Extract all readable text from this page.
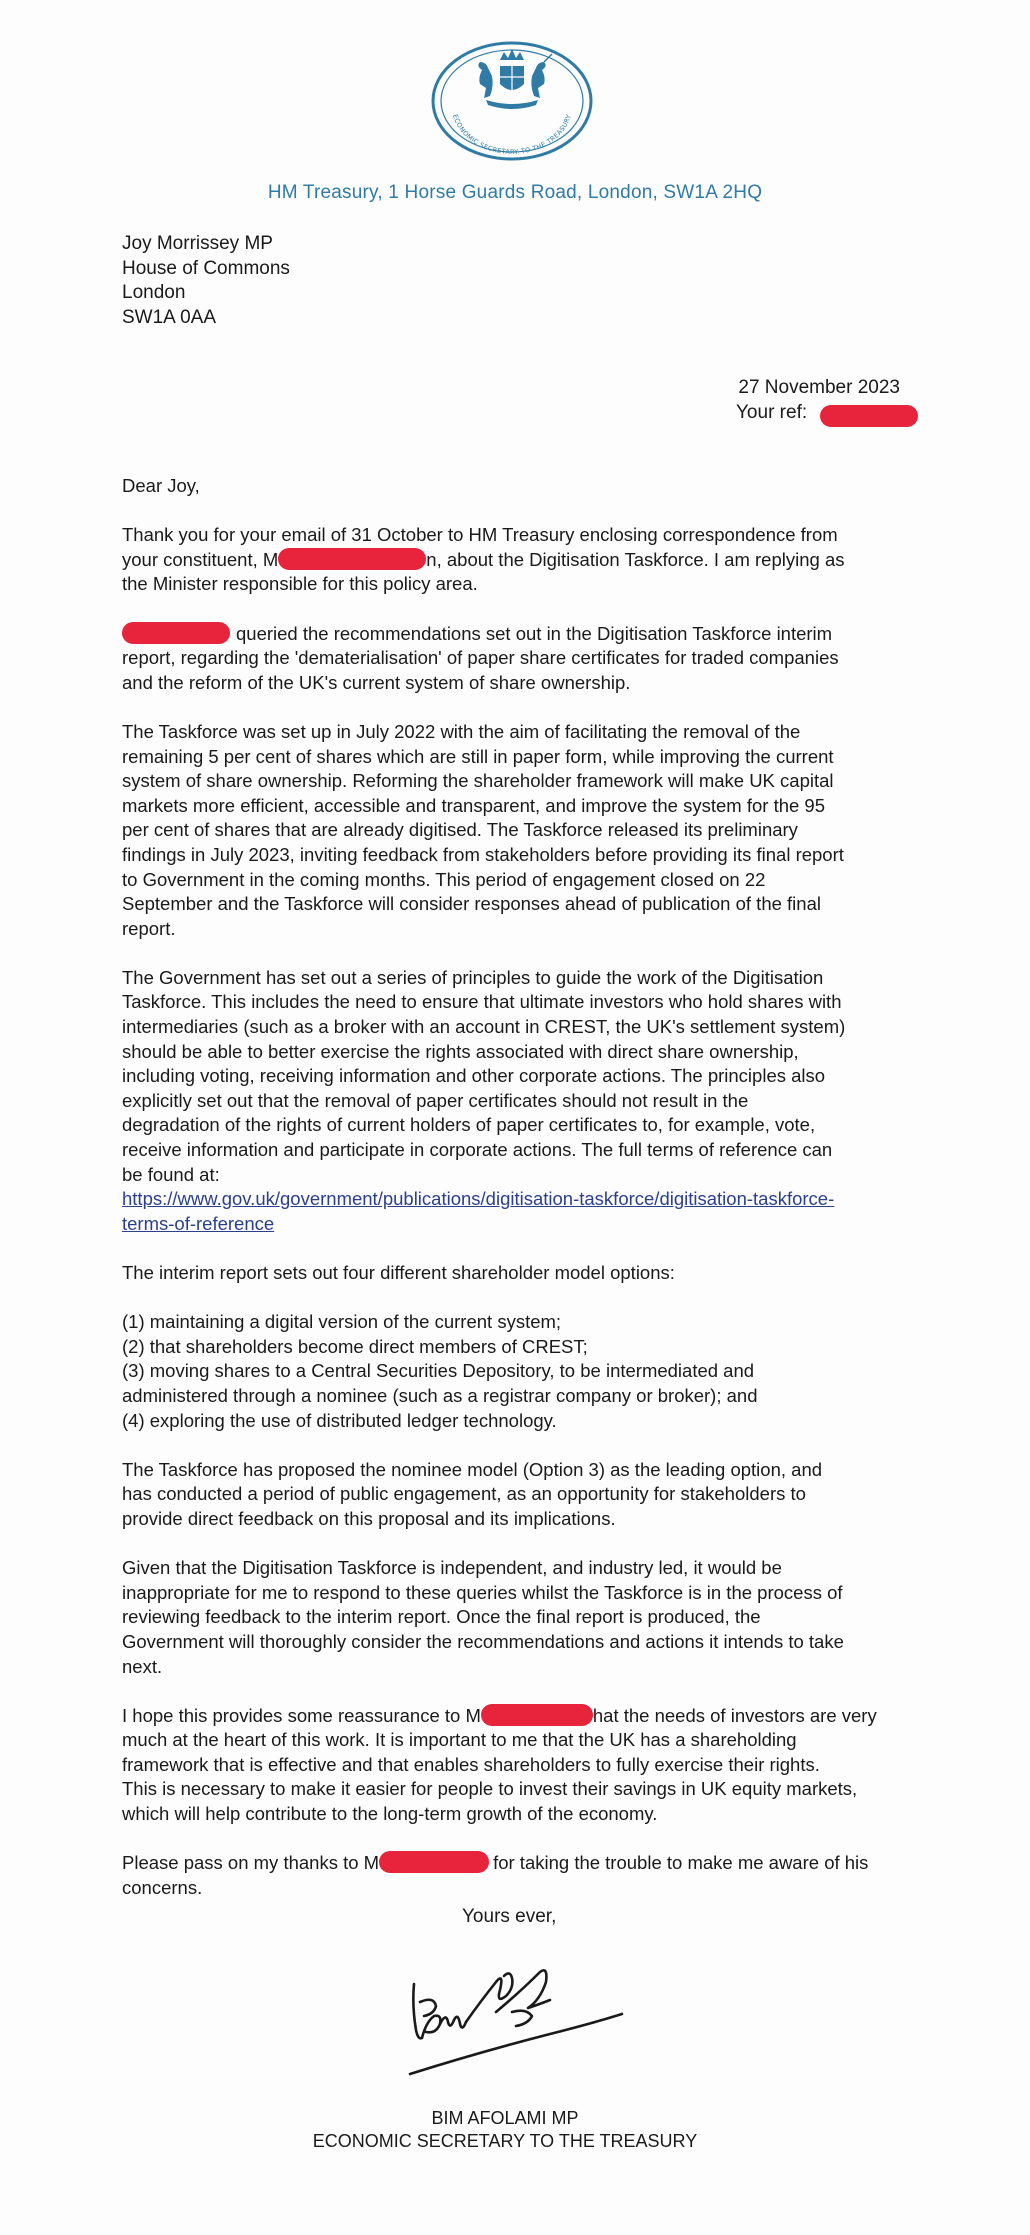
ECONOMIC SECRETARY TO THE TREASURY
HM Treasury, 1 Horse Guards Road, London, SW1A 2HQ
Joy Morrissey MP
House of Commons
London
SW1A 0AA
27 November 2023
Your ref:

Dear Joy,

Thank you for your email of 31 October to HM Treasury enclosing correspondence from
your constituent, M	n, about the Digitisation Taskforce. I am replying as
the Minister responsible for this policy area.

queried the recommendations set out in the Digitisation Taskforce interim
report, regarding the 'dematerialisation' of paper share certificates for traded companies
and the reform of the UK's current system of share ownership.

The Taskforce was set up in July 2022 with the aim of facilitating the removal of the
remaining 5 per cent of shares which are still in paper form, while improving the current
system of share ownership. Reforming the shareholder framework will make UK capital
markets more efficient, accessible and transparent, and improve the system for the 95
per cent of shares that are already digitised. The Taskforce released its preliminary
findings in July 2023, inviting feedback from stakeholders before providing its final report
to Government in the coming months. This period of engagement closed on 22
September and the Taskforce will consider responses ahead of publication of the final
report.

The Government has set out a series of principles to guide the work of the Digitisation
Taskforce. This includes the need to ensure that ultimate investors who hold shares with
intermediaries (such as a broker with an account in CREST, the UK's settlement system)
should be able to better exercise the rights associated with direct share ownership,
including voting, receiving information and other corporate actions. The principles also
explicitly set out that the removal of paper certificates should not result in the
degradation of the rights of current holders of paper certificates to, for example, vote,
receive information and participate in corporate actions. The full terms of reference can
be found at:
https://www.gov.uk/government/publications/digitisation-taskforce/digitisation-taskforce-
terms-of-reference

The interim report sets out four different shareholder model options:

(1) maintaining a digital version of the current system;
(2) that shareholders become direct members of CREST;
(3) moving shares to a Central Securities Depository, to be intermediated and
administered through a nominee (such as a registrar company or broker); and
(4) exploring the use of distributed ledger technology.

The Taskforce has proposed the nominee model (Option 3) as the leading option, and
has conducted a period of public engagement, as an opportunity for stakeholders to
provide direct feedback on this proposal and its implications.

Given that the Digitisation Taskforce is independent, and industry led, it would be
inappropriate for me to respond to these queries whilst the Taskforce is in the process of
reviewing feedback to the interim report. Once the final report is produced, the
Government will thoroughly consider the recommendations and actions it intends to take
next.

I hope this provides some reassurance to M	hat the needs of investors are very
much at the heart of this work. It is important to me that the UK has a shareholding
framework that is effective and that enables shareholders to fully exercise their rights.
This is necessary to make it easier for people to invest their savings in UK equity markets,
which will help contribute to the long-term growth of the economy.

Please pass on my thanks to M	for taking the trouble to make me aware of his
concerns.

Yours ever,
BIM AFOLAMI MP
ECONOMIC SECRETARY TO THE TREASURY
